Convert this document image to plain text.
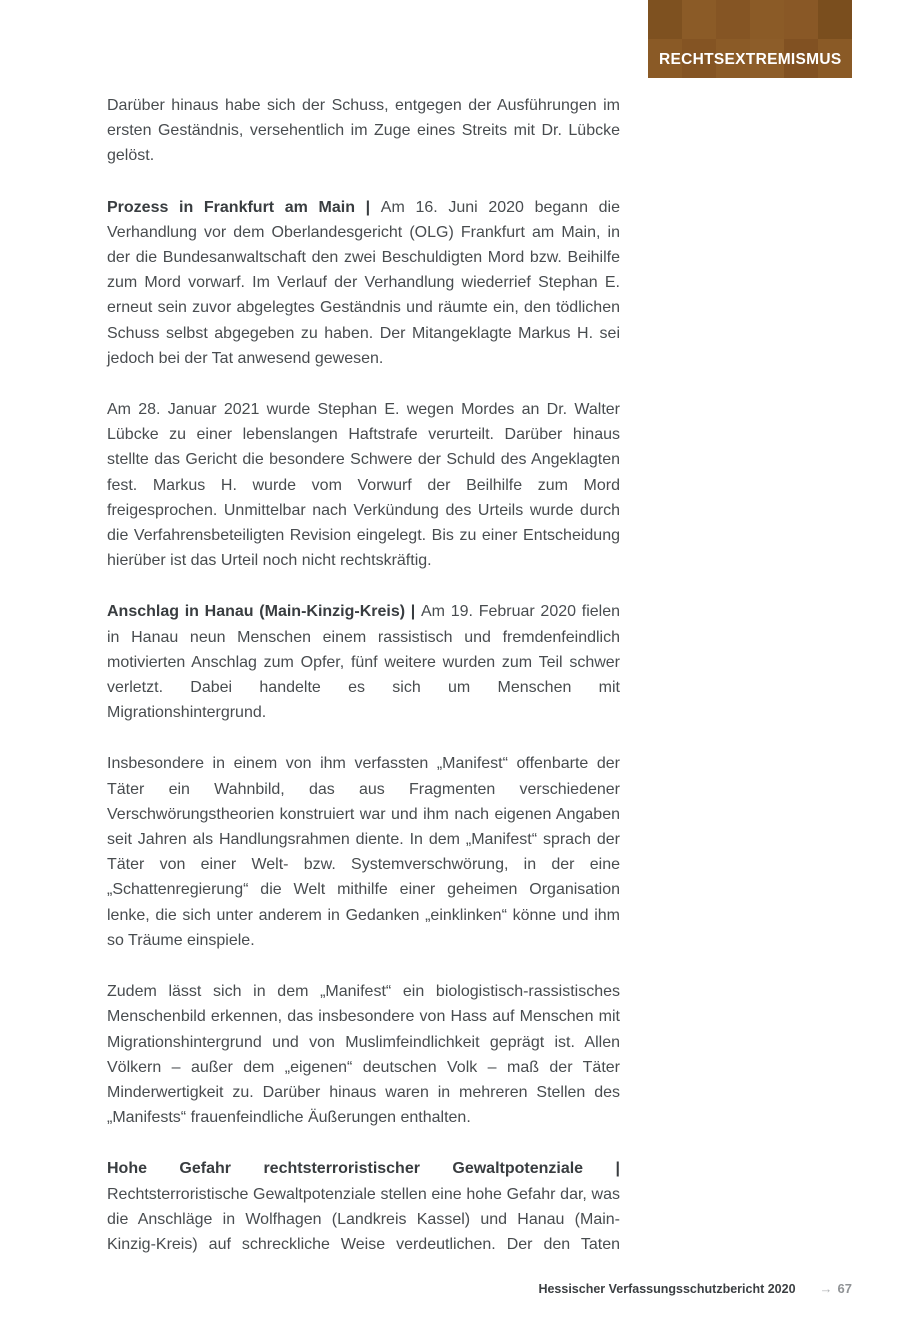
RECHTSEXTREMISMUS

Darüber hinaus habe sich der Schuss, entgegen der Ausführungen im ersten Geständnis, versehentlich im Zuge eines Streits mit Dr. Lübcke gelöst.

Prozess in Frankfurt am Main | Am 16. Juni 2020 begann die Verhandlung vor dem Oberlandesgericht (OLG) Frankfurt am Main, in der die Bundesanwaltschaft den zwei Beschuldigten Mord bzw. Beihilfe zum Mord vorwarf. Im Verlauf der Verhandlung wiederrief Stephan E. erneut sein zuvor abgelegtes Geständnis und räumte ein, den tödlichen Schuss selbst abgegeben zu haben. Der Mitangeklagte Markus H. sei jedoch bei der Tat anwesend gewesen.

Am 28. Januar 2021 wurde Stephan E. wegen Mordes an Dr. Walter Lübcke zu einer lebenslangen Haftstrafe verurteilt. Darüber hinaus stellte das Gericht die besondere Schwere der Schuld des Angeklagten fest. Markus H. wurde vom Vorwurf der Beilhilfe zum Mord freigesprochen. Unmittelbar nach Verkündung des Urteils wurde durch die Verfahrensbeteiligten Revision eingelegt. Bis zu einer Entscheidung hierüber ist das Urteil noch nicht rechtskräftig.

Anschlag in Hanau (Main-Kinzig-Kreis) | Am 19. Februar 2020 fielen in Hanau neun Menschen einem rassistisch und fremdenfeindlich motivierten Anschlag zum Opfer, fünf weitere wurden zum Teil schwer verletzt. Dabei handelte es sich um Menschen mit Migrationshintergrund.

Insbesondere in einem von ihm verfassten „Manifest“ offenbarte der Täter ein Wahnbild, das aus Fragmenten verschiedener Verschwörungstheorien konstruiert war und ihm nach eigenen Angaben seit Jahren als Handlungsrahmen diente. In dem „Manifest“ sprach der Täter von einer Welt- bzw. Systemverschwörung, in der eine „Schattenregierung“ die Welt mithilfe einer geheimen Organisation lenke, die sich unter anderem in Gedanken „einklinken“ könne und ihm so Träume einspiele.

Zudem lässt sich in dem „Manifest“ ein biologistisch-rassistisches Menschenbild erkennen, das insbesondere von Hass auf Menschen mit Migrationshintergrund und von Muslimfeindlichkeit geprägt ist. Allen Völkern – außer dem „eigenen“ deutschen Volk – maß der Täter Minderwertigkeit zu. Darüber hinaus waren in mehreren Stellen des „Manifests“ frauenfeindliche Äußerungen enthalten.

Hohe Gefahr rechtsterroristischer Gewaltpotenziale | Rechtsterroristische Gewaltpotenziale stellen eine hohe Gefahr dar, was die Anschläge in Wolfhagen (Landkreis Kassel) und Hanau (Main-Kinzig-Kreis) auf schreckliche Weise verdeutlichen. Der den Taten

Hessischer Verfassungsschutzbericht 2020 → 67
